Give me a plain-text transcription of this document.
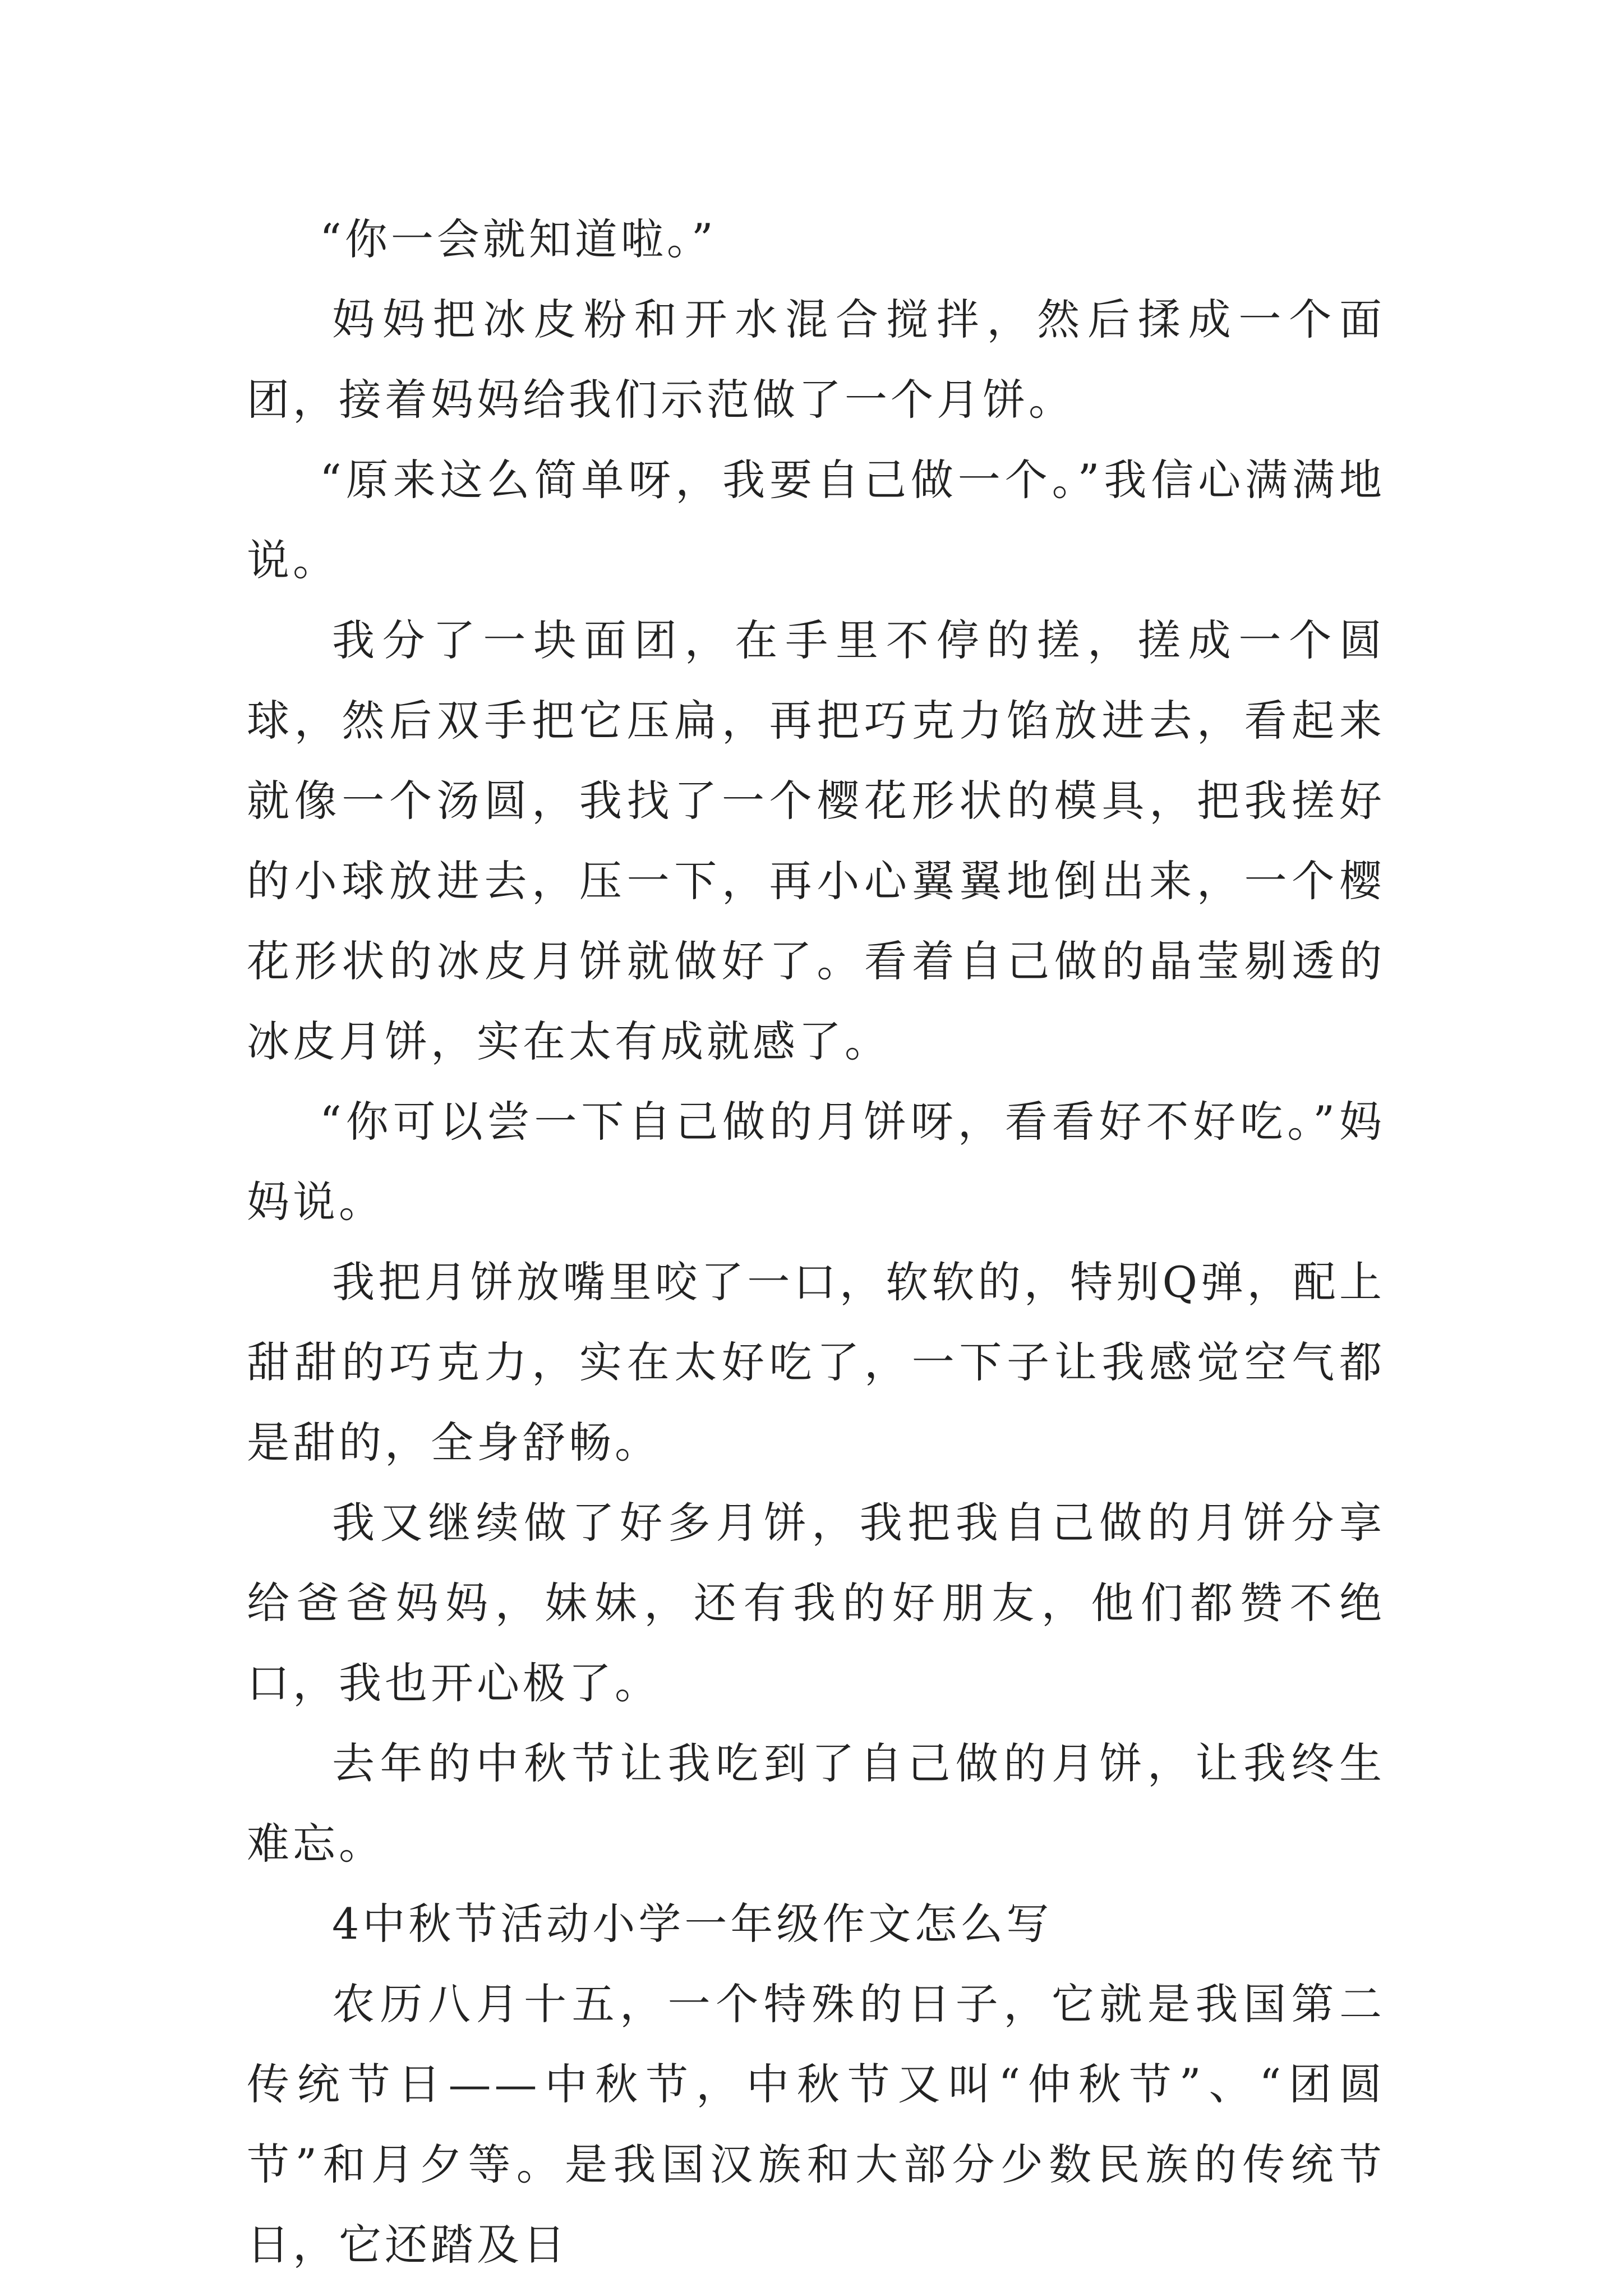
“你一会就知道啦。”

妈妈把冰皮粉和开水混合搅拌，然后揉成一个面团，接着妈妈给我们示范做了一个月饼。

“原来这么简单呀，我要自己做一个。”我信心满满地说。

我分了一块面团，在手里不停的搓，搓成一个圆球，然后双手把它压扁，再把巧克力馅放进去，看起来就像一个汤圆，我找了一个樱花形状的模具，把我搓好的小球放进去，压一下，再小心翼翼地倒出来，一个樱花形状的冰皮月饼就做好了。看着自己做的晶莹剔透的冰皮月饼，实在太有成就感了。

“你可以尝一下自己做的月饼呀，看看好不好吃。”妈妈说。

我把月饼放嘴里咬了一口，软软的，特别Q弹，配上甜甜的巧克力，实在太好吃了，一下子让我感觉空气都是甜的，全身舒畅。

我又继续做了好多月饼，我把我自己做的月饼分享给爸爸妈妈，妹妹，还有我的好朋友，他们都赞不绝口，我也开心极了。

去年的中秋节让我吃到了自己做的月饼，让我终生难忘。

4中秋节活动小学一年级作文怎么写

农历八月十五，一个特殊的日子，它就是我国第二传统节日——中秋节，中秋节又叫“仲秋节”、“团圆节”和月夕等。是我国汉族和大部分少数民族的传统节日，它还踏及日
